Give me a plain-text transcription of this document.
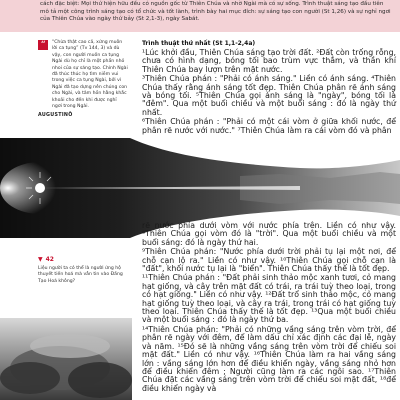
cách đặc biệt: Mọi thứ hiện hữu đều có nguồn gốc từ Thiên Chúa và nhờ Ngài mà có sự sống. Trình thuật sáng tạo đầu tiên mô tả một công trình sáng tạo có tổ chức và tốt lành, trình bày hai mục đích: sự sáng tạo con người (St 1,26) và sự nghỉ ngơi của Thiên Chúa vào ngày thứ bảy (St 2,1-3), ngày Sabát.

“	“Chừa thật cao cả, xứng muôn lời ca tụng” (Tv 144, 3) và dù vậy, con người muốn ca tụng Ngài dù họ chỉ là một phần nhỏ nhoi của sự sáng tạo. Chính Ngài đã thúc thúc họ tìm niềm vui trong việc ca tụng Ngài, bởi vì Ngài đã tạo dựng nên chúng con cho Ngài, và tâm hồn hằng khắc khoải cho đến khi được nghỉ ngơi trong Ngài.

AUGUSTINÔ

▼ 42

Liệu người ta có thể là người ứng hộ thuyết tiến hoá mà vẫn tin vào Đấng Tạo Hoá không?

Trình thuật thứ nhất (St 1,1-2,4a)

¹Lúc khởi đầu, Thiên Chúa sáng tạo trời đất. ²Đất còn trống rỗng, chưa có hình dạng, bóng tối bao trùm vực thẳm, và thần khí Thiên Chúa bay lượn trên mặt nước.

³Thiên Chúa phán : "Phải có ánh sáng." Liền có ánh sáng. ⁴Thiên Chúa thấy rằng ánh sáng tốt đẹp. Thiên Chúa phân rẽ ánh sáng và bóng tối. ⁵Thiên Chúa gọi ánh sáng là "ngày", bóng tối là "đêm". Qua một buổi chiều và một buổi sáng : đó là ngày thứ nhất.

⁶Thiên Chúa phán : "Phải có một cái vòm ở giữa khối nước, để phân rẽ nước với nước." ⁷Thiên Chúa làm ra cái vòm đó và phân

rẽ nước phía dưới vòm với nước phía trên. Liền có như vậy. ⁸Thiên Chúa gọi vòm đó là "trời". Qua một buổi chiều và một buổi sáng: đó là ngày thứ hai.

⁹Thiên Chúa phán: "Nước phía dưới trời phải tụ lại một nơi, để chỗ cạn lộ ra." Liền có như vậy. ¹⁰Thiên Chúa gọi chỗ cạn là "đất", khối nước tụ lại là "biển". Thiên Chúa thấy thế là tốt đẹp.

¹¹Thiên Chúa phán : "Đất phải sinh thảo mộc xanh tươi, cỏ mang hạt giống, và cây trên mặt đất có trái, ra trái tuỳ theo loại, trong có hạt giống." Liền có như vậy. ¹²Đất trổ sinh thảo mộc, cỏ mang hạt giống tuỳ theo loại, và cây ra trái, trong trái có hạt giống tuỳ theo loại. Thiên Chúa thấy thế là tốt đẹp. ¹³Qua một buổi chiều và một buổi sáng : đó là ngày thứ ba.

¹⁴Thiên Chúa phán: "Phải có những vầng sáng trên vòm trời, để phân rẽ ngày với đêm, để làm dấu chỉ xác định các đại lễ, ngày và năm. ¹⁵Đó sẽ là những vầng sáng trên vòm trời để chiếu soi mặt đất." Liền có như vậy. ¹⁶Thiên Chúa làm ra hai vầng sáng lớn : vầng sáng lớn hơn để điều khiển ngày, vầng sáng nhỏ hơn để điều khiển đêm ; Người cũng làm ra các ngôi sao. ¹⁷Thiên Chúa đặt các vầng sáng trên vòm trời để chiếu soi mặt đất, ¹⁸để điều khiển ngày và
